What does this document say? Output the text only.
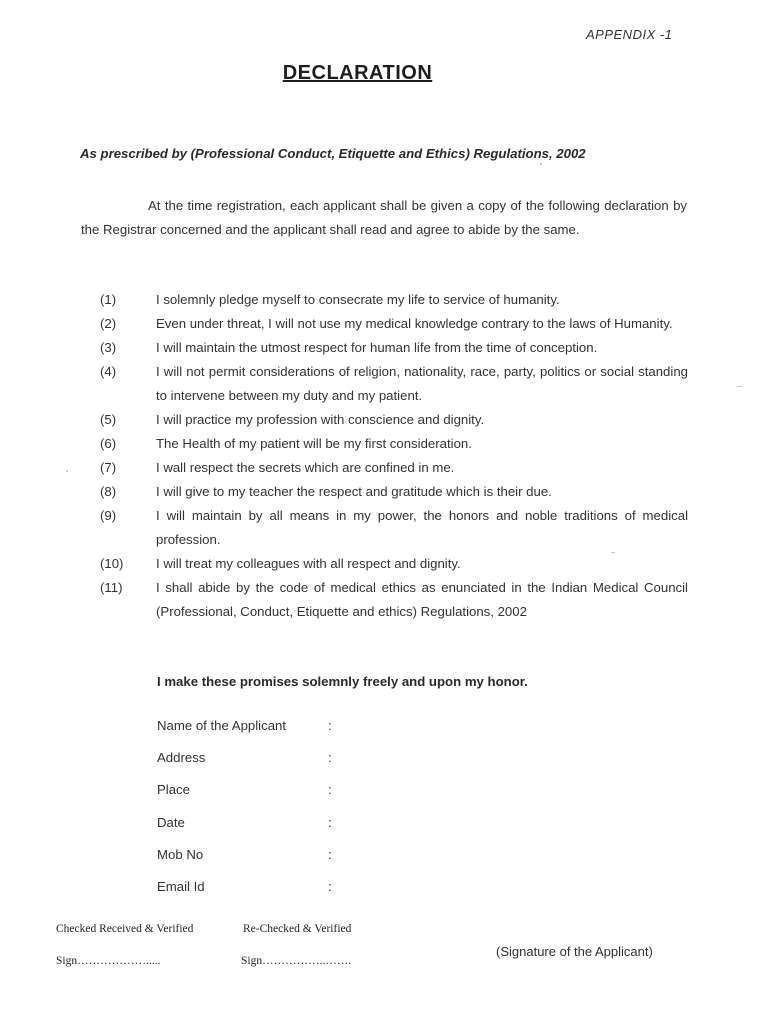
APPENDIX -1
DECLARATION
As prescribed by (Professional Conduct, Etiquette and Ethics) Regulations, 2002
At the time registration, each applicant shall be given a copy of the following declaration by the Registrar concerned and the applicant shall read and agree to abide by the same.
(1)	I solemnly pledge myself to consecrate my life to service of humanity.
(2)	Even under threat, I will not use my medical knowledge contrary to the laws of Humanity.
(3)	I will maintain the utmost respect for human life from the time of conception.
(4)	I will not permit considerations of religion, nationality, race, party, politics or social standing to intervene between my duty and my patient.
(5)	I will practice my profession with conscience and dignity.
(6)	The Health of my patient will be my first consideration.
(7)	I wall respect the secrets which are confined in me.
(8)	I will give to my teacher the respect and gratitude which is their due.
(9)	I will maintain by all means in my power, the honors and noble traditions of medical profession.
(10)	I will treat my colleagues with all respect and dignity.
(11)	I shall abide by the code of medical ethics as enunciated in the Indian Medical Council (Professional, Conduct, Etiquette and ethics) Regulations, 2002
I make these promises solemnly freely and upon my honor.
Name of the Applicant	:
Address	:
Place	:
Date	:
Mob No	:
Email Id	:
Checked Received & Verified	Re-Checked & Verified
Sign……………….....	Sign……………..…….
(Signature of the Applicant)
